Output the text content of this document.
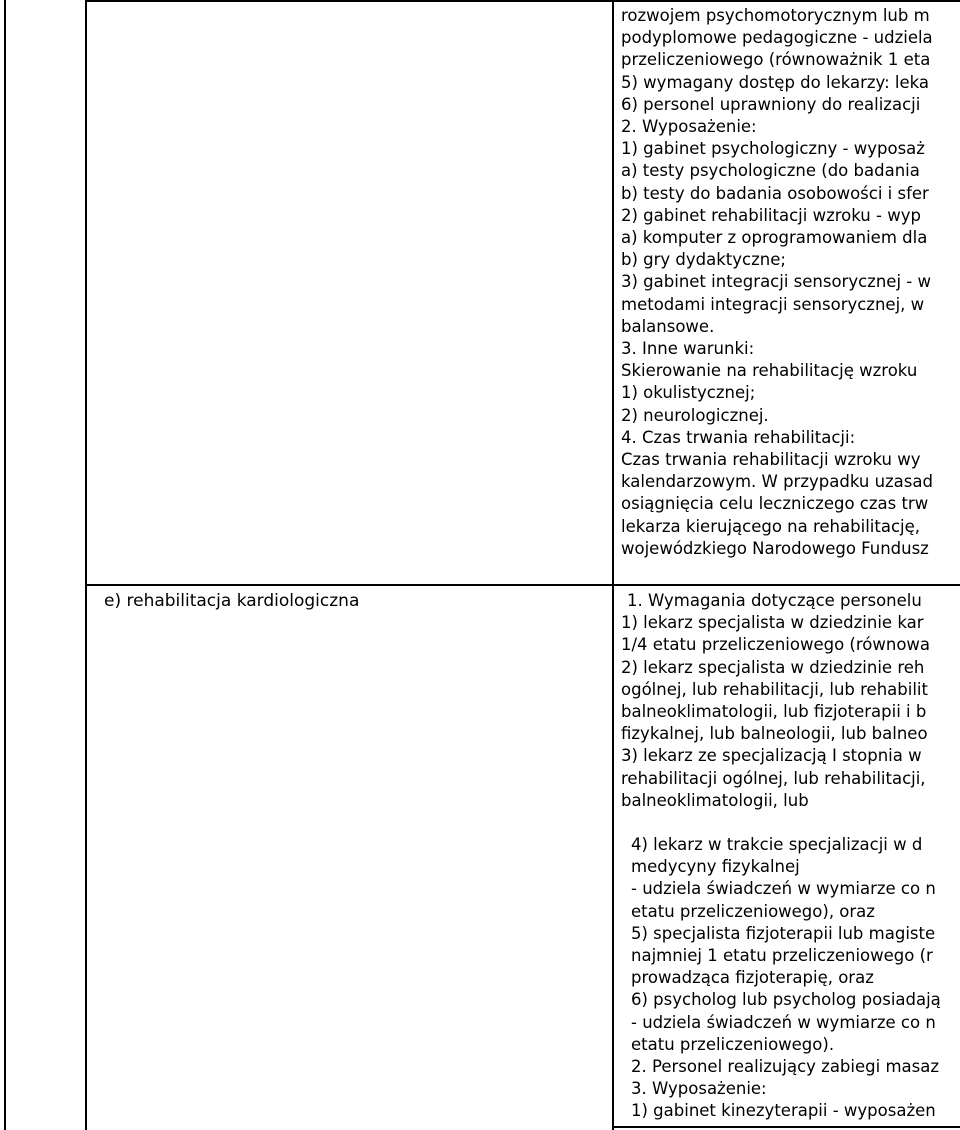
rozwojem psychomotorycznym lub m
podyplomowe pedagogiczne - udziela
przeliczeniowego (równoważnik 1 eta
5) wymagany dostęp do lekarzy: leka
6) personel uprawniony do realizacji
2. Wyposażenie:
1) gabinet psychologiczny - wyposaż
a) testy psychologiczne (do badania
b) testy do badania osobowości i sfer
2) gabinet rehabilitacji wzroku - wyp
a) komputer z oprogramowaniem dla
b) gry dydaktyczne;
3) gabinet integracji sensorycznej - w
metodami integracji sensorycznej, w
balansowe.
3. Inne warunki:
Skierowanie na rehabilitację wzroku
1) okulistycznej;
2) neurologicznej.
4. Czas trwania rehabilitacji:
Czas trwania rehabilitacji wzroku wy
kalendarzowym. W przypadku uzasad
osiągnięcia celu leczniczego czas trw
lekarza kierującego na rehabilitację,
wojewódzkiego Narodowego Fundusz
e) rehabilitacja kardiologiczna	1. Wymagania dotyczące personelu
1) lekarz specjalista w dziedzinie kar
1/4 etatu przeliczeniowego (równowa
2) lekarz specjalista w dziedzinie reh
ogólnej, lub rehabilitacji, lub rehabilit
balneoklimatologii, lub fizjoterapii i b
fizykalnej, lub balneologii, lub balneo
3) lekarz ze specjalizacją I stopnia w
rehabilitacji ogólnej, lub rehabilitacji,
balneoklimatologii, lub
4) lekarz w trakcie specjalizacji w d
medycyny fizykalnej
- udziela świadczeń w wymiarze co n
etatu przeliczeniowego), oraz
5) specjalista fizjoterapii lub magiste
najmniej 1 etatu przeliczeniowego (r
prowadząca fizjoterapię, oraz
6) psycholog lub psycholog posiadają
- udziela świadczeń w wymiarze co n
etatu przeliczeniowego).
2. Personel realizujący zabiegi masaz
3. Wyposażenie:
1) gabinet kinezyterapii - wyposażen
